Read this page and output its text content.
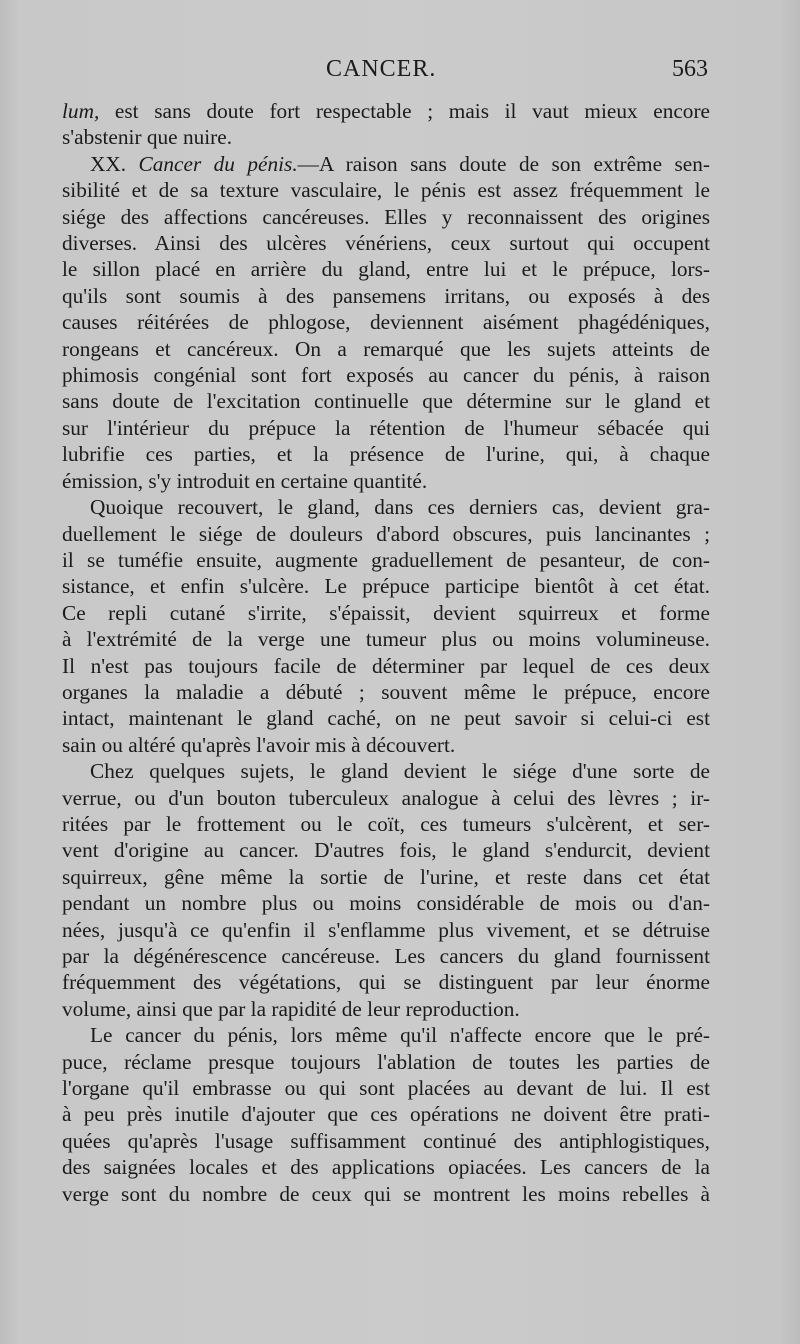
CANCER.	563

lum, est sans doute fort respectable ; mais il vaut mieux encore
s'abstenir que nuire.

XX. Cancer du pénis.—A raison sans doute de son extrême sen-
sibilité et de sa texture vasculaire, le pénis est assez fréquemment le
siége des affections cancéreuses. Elles y reconnaissent des origines
diverses. Ainsi des ulcères vénériens, ceux surtout qui occupent
le sillon placé en arrière du gland, entre lui et le prépuce, lors-
qu'ils sont soumis à des pansemens irritans, ou exposés à des
causes réitérées de phlogose, deviennent aisément phagédéniques,
rongeans et cancéreux. On a remarqué que les sujets atteints de
phimosis congénial sont fort exposés au cancer du pénis, à raison
sans doute de l'excitation continuelle que détermine sur le gland et
sur l'intérieur du prépuce la rétention de l'humeur sébacée qui
lubrifie ces parties, et la présence de l'urine, qui, à chaque
émission, s'y introduit en certaine quantité.

Quoique recouvert, le gland, dans ces derniers cas, devient gra-
duellement le siége de douleurs d'abord obscures, puis lancinantes ;
il se tuméfie ensuite, augmente graduellement de pesanteur, de con-
sistance, et enfin s'ulcère. Le prépuce participe bientôt à cet état.
Ce repli cutané s'irrite, s'épaissit, devient squirreux et forme
à l'extrémité de la verge une tumeur plus ou moins volumineuse.
Il n'est pas toujours facile de déterminer par lequel de ces deux
organes la maladie a débuté ; souvent même le prépuce, encore
intact, maintenant le gland caché, on ne peut savoir si celui-ci est
sain ou altéré qu'après l'avoir mis à découvert.

Chez quelques sujets, le gland devient le siége d'une sorte de
verrue, ou d'un bouton tuberculeux analogue à celui des lèvres ; ir-
ritées par le frottement ou le coït, ces tumeurs s'ulcèrent, et ser-
vent d'origine au cancer. D'autres fois, le gland s'endurcit, devient
squirreux, gêne même la sortie de l'urine, et reste dans cet état
pendant un nombre plus ou moins considérable de mois ou d'an-
nées, jusqu'à ce qu'enfin il s'enflamme plus vivement, et se détruise
par la dégénérescence cancéreuse. Les cancers du gland fournissent
fréquemment des végétations, qui se distinguent par leur énorme
volume, ainsi que par la rapidité de leur reproduction.

Le cancer du pénis, lors même qu'il n'affecte encore que le pré-
puce, réclame presque toujours l'ablation de toutes les parties de
l'organe qu'il embrasse ou qui sont placées au devant de lui. Il est
à peu près inutile d'ajouter que ces opérations ne doivent être prati-
quées qu'après l'usage suffisamment continué des antiphlogistiques,
des saignées locales et des applications opiacées. Les cancers de la
verge sont du nombre de ceux qui se montrent les moins rebelles à
